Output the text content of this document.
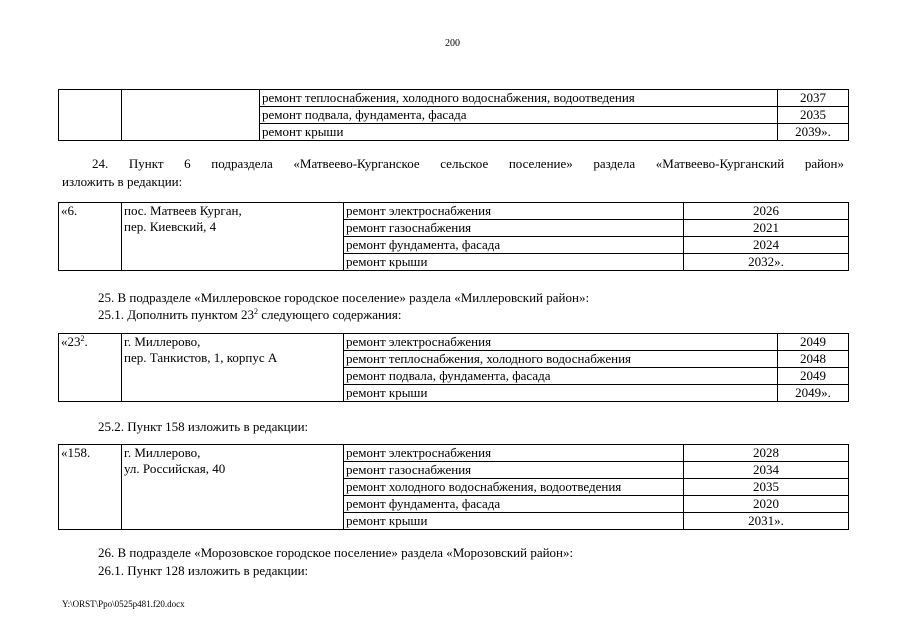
200
		ремонт теплоснабжения, холодного водоснабжения, водоотведения	2037
		ремонт подвала, фундамента, фасада	2035
		ремонт крыши	2039».
24. Пункт 6 подраздела «Матвеево-Курганское сельское поселение» раздела «Матвеево-Курганский район»
изложить в редакции:
«6.	пос. Матвеев Курган,
пер. Киевский, 4	ремонт электроснабжения	2026
		ремонт газоснабжения	2021
		ремонт фундамента, фасада	2024
		ремонт крыши	2032».
25. В подразделе «Миллеровское городское поселение» раздела «Миллеровский район»:
25.1. Дополнить пунктом $23^2$ следующего содержания:
«$23^2$.	г. Миллерово,
пер. Танкистов, 1, корпус А	ремонт электроснабжения	2049
		ремонт теплоснабжения, холодного водоснабжения	2048
		ремонт подвала, фундамента, фасада	2049
		ремонт крыши	2049».
25.2. Пункт 158 изложить в редакции:
«158.	г. Миллерово,
ул. Российская, 40	ремонт электроснабжения	2028
		ремонт газоснабжения	2034
		ремонт холодного водоснабжения, водоотведения	2035
		ремонт фундамента, фасада	2020
		ремонт крыши	2031».
26. В подразделе «Морозовское городское поселение» раздела «Морозовский район»:
26.1. Пункт 128 изложить в редакции:
Y:\ORST\Ppo\0525p481.f20.docx
